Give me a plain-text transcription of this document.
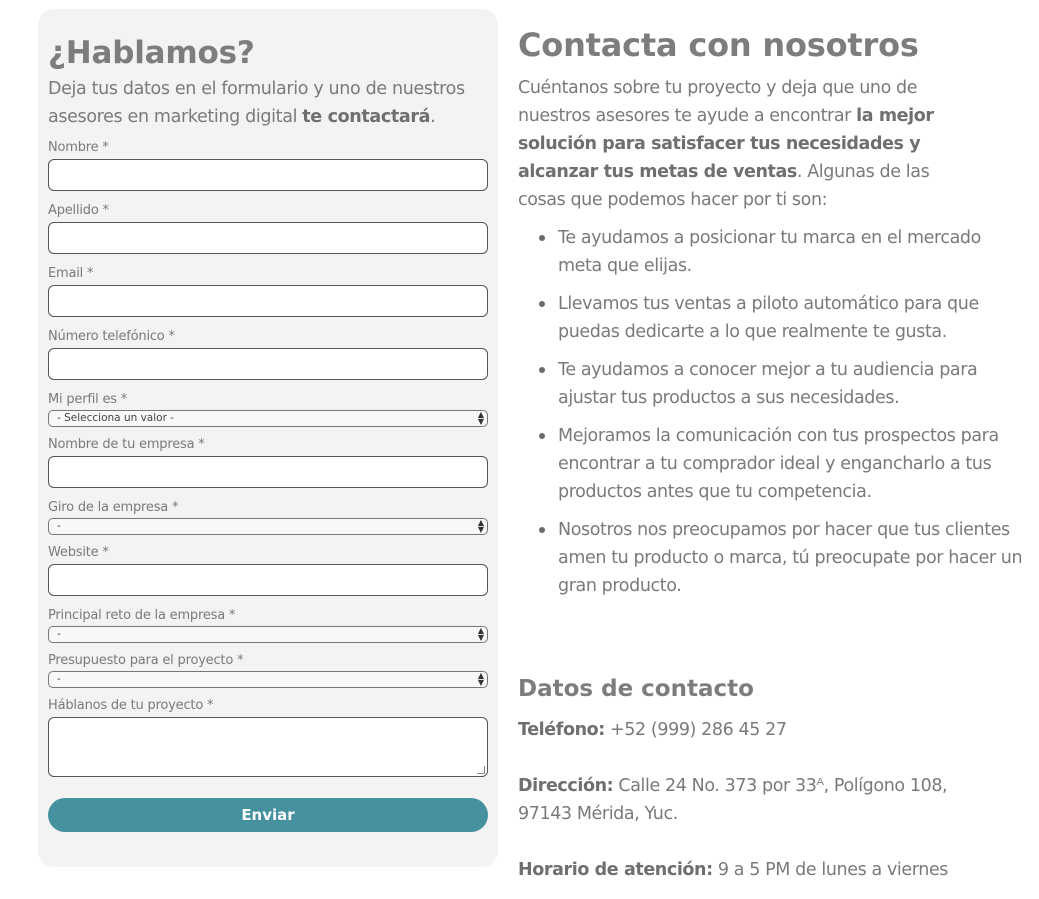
¿Hablamos?

Deja tus datos en el formulario y uno de nuestros asesores en marketing digital te contactará.

Nombre *
Apellido *
Email *
Número telefónico *
Mi perfil es *
- Selecciona un valor -	▲
▼
Nombre de tu empresa *
Giro de la empresa *
-	▲
▼
Website *
Principal reto de la empresa *
-	▲
▼
Presupuesto para el proyecto *
-	▲
▼
Háblanos de tu proyecto *
Enviar
Contacta con nosotros

Cuéntanos sobre tu proyecto y deja que uno de nuestros asesores te ayude a encontrar la mejor solución para satisfacer tus necesidades y alcanzar tus metas de ventas. Algunas de las cosas que podemos hacer por ti son:

Te ayudamos a posicionar tu marca en el mercado meta que elijas.
Llevamos tus ventas a piloto automático para que puedas dedicarte a lo que realmente te gusta.
Te ayudamos a conocer mejor a tu audiencia para ajustar tus productos a sus necesidades.
Mejoramos la comunicación con tus prospectos para encontrar a tu comprador ideal y engancharlo a tus productos antes que tu competencia.
Nosotros nos preocupamos por hacer que tus clientes amen tu producto o marca, tú preocupate por hacer un gran producto.
Datos de contacto

Teléfono: +52 (999) 286 45 27

Dirección: Calle 24 No. 373 por 33ᴬ, Polígono 108, 97143 Mérida, Yuc.

Horario de atención: 9 a 5 PM de lunes a viernes
